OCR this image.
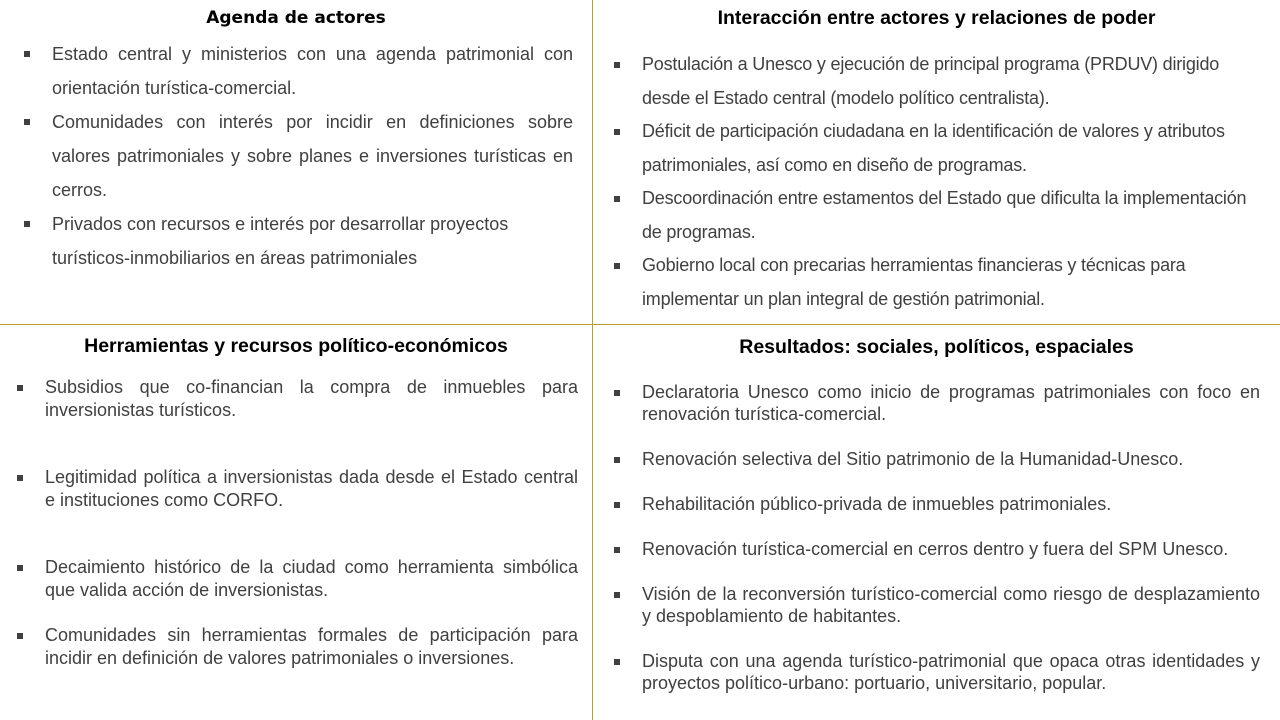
Agenda de actores
Estado central y ministerios con una agenda patrimonial con orientación turística-comercial.
Comunidades con interés por incidir en definiciones sobre valores patrimoniales y sobre planes e inversiones turísticas en cerros.
Privados con recursos e interés por desarrollar proyectos turísticos-inmobiliarios en áreas patrimoniales
Interacción entre actores y relaciones de poder
Postulación a Unesco y ejecución de principal programa (PRDUV) dirigido desde el Estado central (modelo político centralista).
Déficit de participación ciudadana en la identificación de valores y atributos patrimoniales, así como en diseño de programas.
Descoordinación entre estamentos del Estado que dificulta la implementación de programas.
Gobierno local con precarias herramientas financieras y técnicas para implementar un plan integral de gestión patrimonial.
Herramientas y recursos político-económicos
Subsidios que co-financian la compra de inmuebles para inversionistas turísticos.
Legitimidad política a inversionistas dada desde el Estado central e instituciones como CORFO.
Decaimiento histórico de la ciudad como herramienta simbólica que valida acción de inversionistas.
Comunidades sin herramientas formales de participación para incidir en definición de valores patrimoniales o inversiones.
Resultados: sociales, políticos, espaciales
Declaratoria Unesco como inicio de programas patrimoniales con foco en renovación turística-comercial.
Renovación selectiva del Sitio patrimonio de la Humanidad-Unesco.
Rehabilitación público-privada de inmuebles patrimoniales.
Renovación turística-comercial en cerros dentro y fuera del SPM Unesco.
Visión de la reconversión turístico-comercial como riesgo de desplazamiento y despoblamiento de habitantes.
Disputa con una agenda turístico-patrimonial que opaca otras identidades y proyectos político-urbano: portuario, universitario, popular.
